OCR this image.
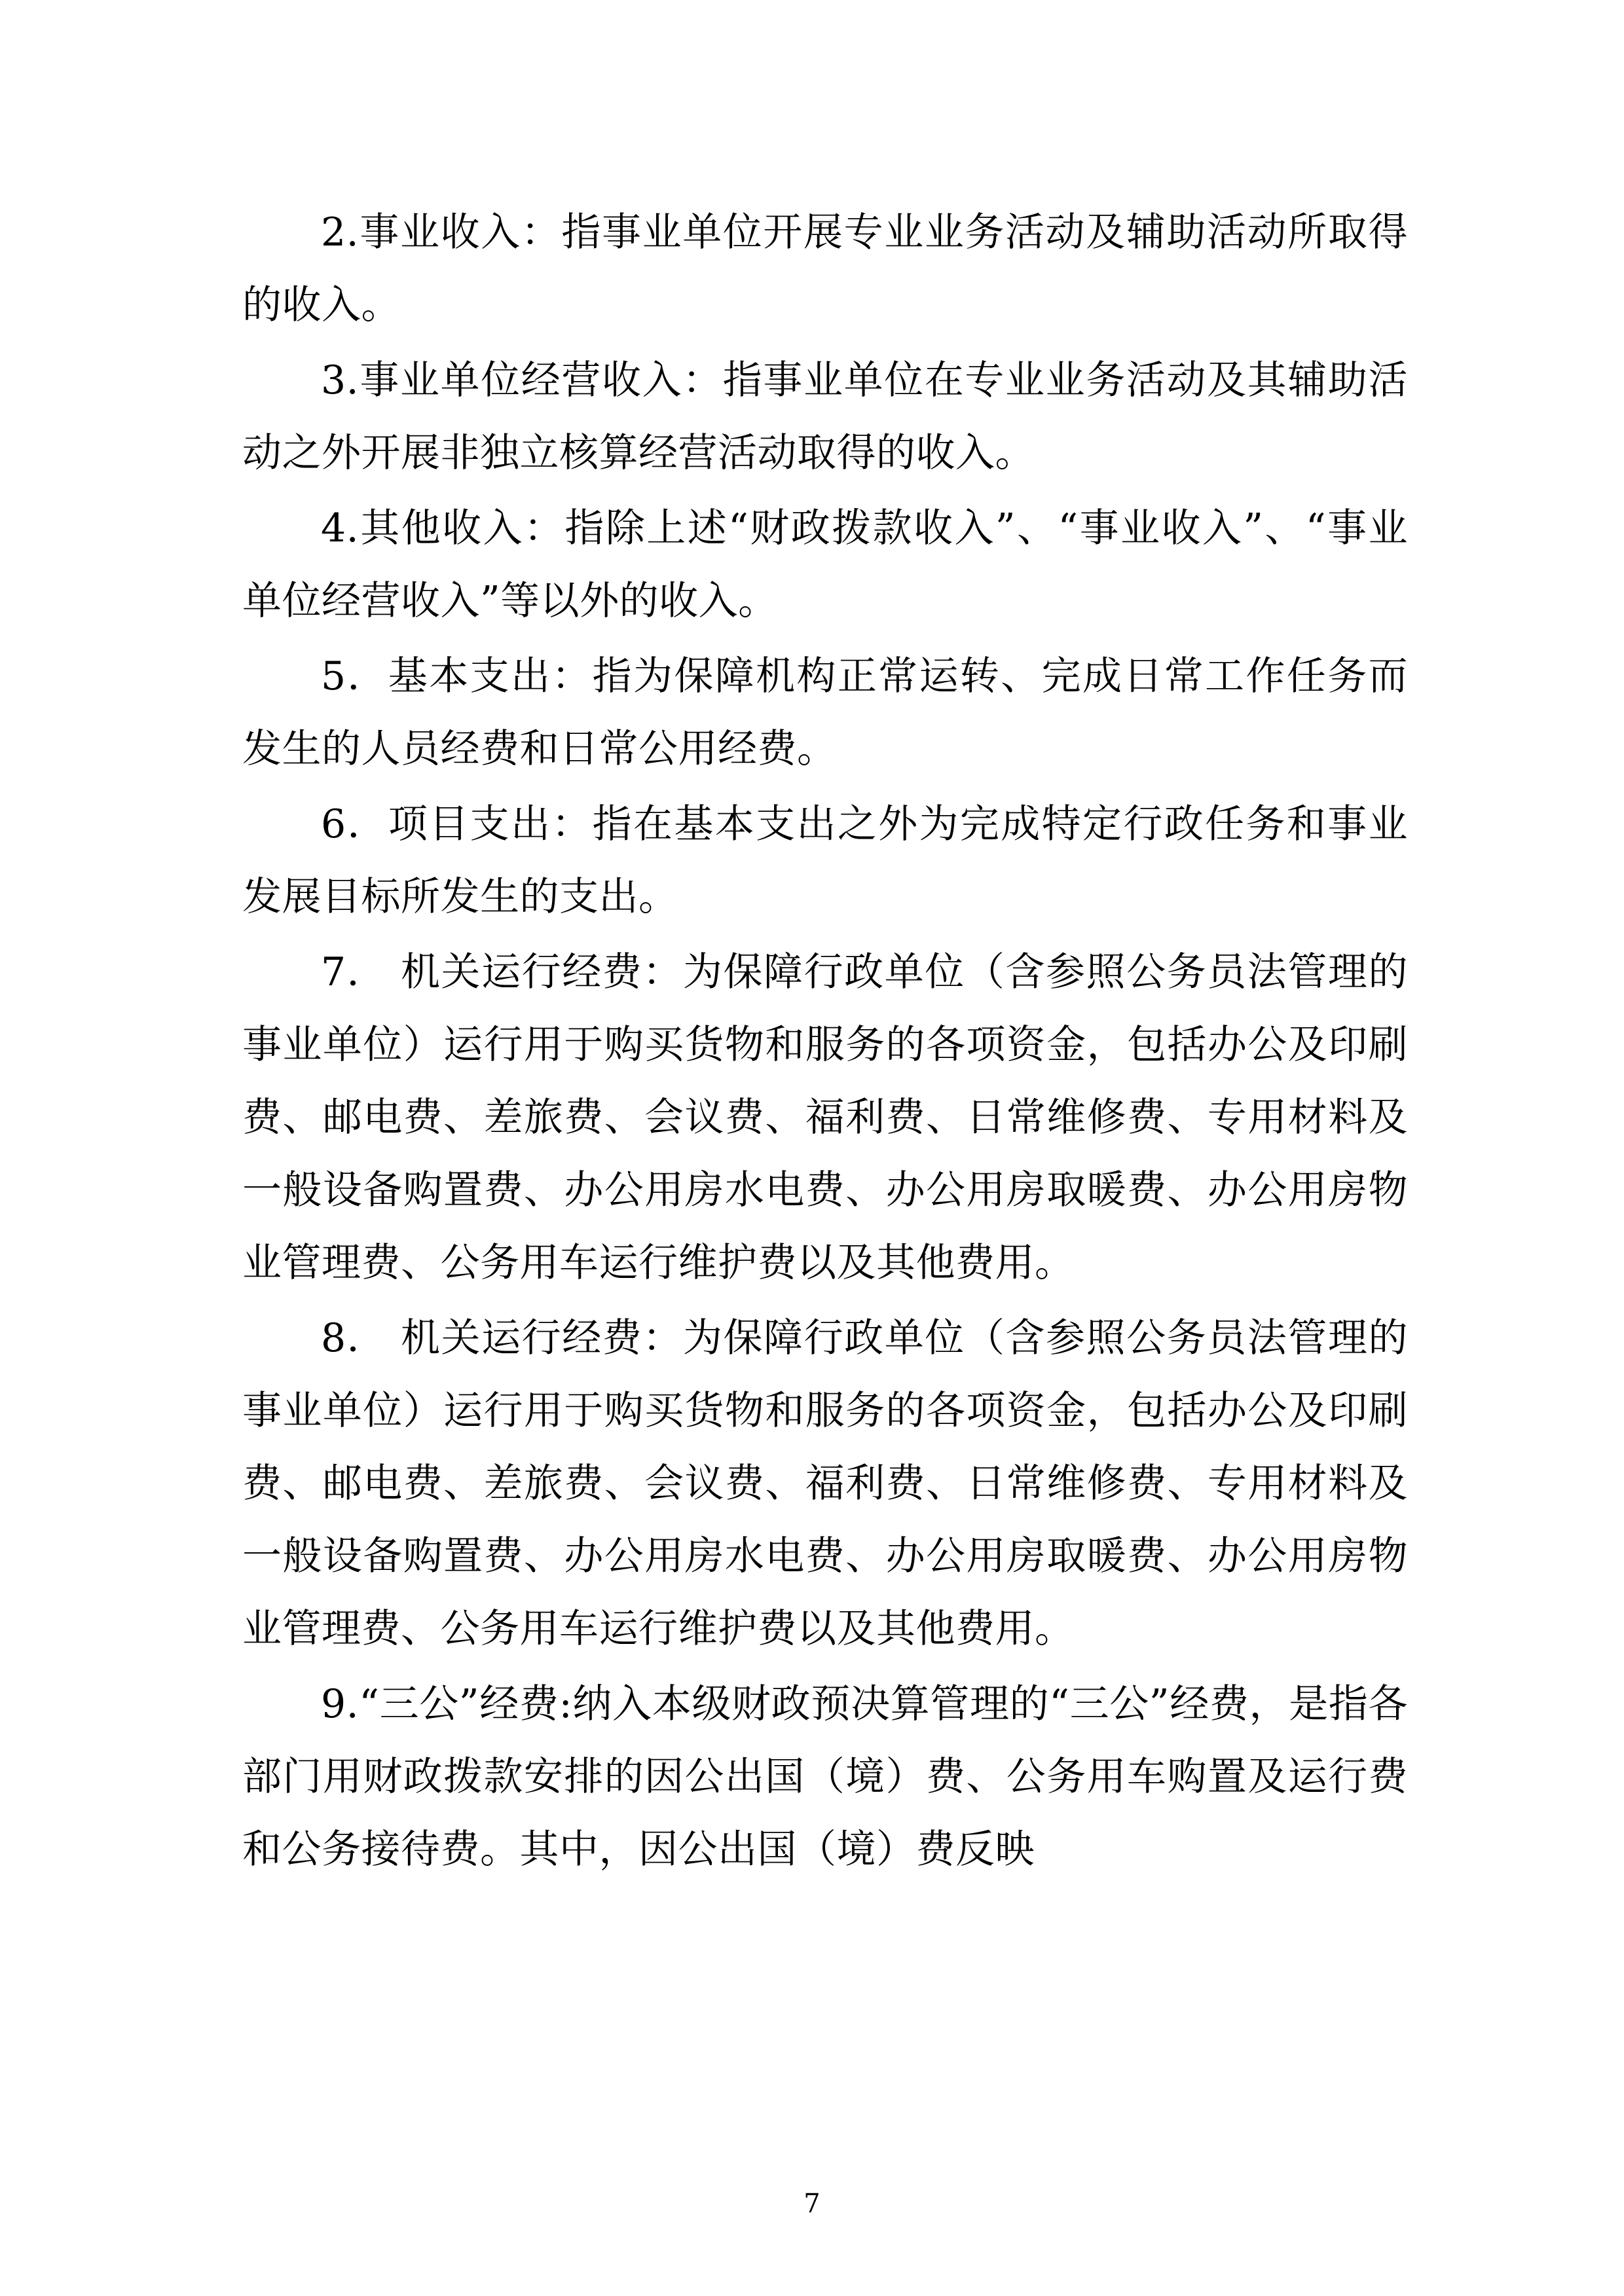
2.事业收入：指事业单位开展专业业务活动及辅助活动所取得的收入。

3.事业单位经营收入：指事业单位在专业业务活动及其辅助活动之外开展非独立核算经营活动取得的收入。

4.其他收入：指除上述“财政拨款收入”、“事业收入”、“事业单位经营收入”等以外的收入。

5．基本支出：指为保障机构正常运转、完成日常工作任务而发生的人员经费和日常公用经费。

6．项目支出：指在基本支出之外为完成特定行政任务和事业发展目标所发生的支出。

7． 机关运行经费：为保障行政单位（含参照公务员法管理的事业单位）运行用于购买货物和服务的各项资金，包括办公及印刷费、邮电费、差旅费、会议费、福利费、日常维修费、专用材料及一般设备购置费、办公用房水电费、办公用房取暖费、办公用房物业管理费、公务用车运行维护费以及其他费用。

8． 机关运行经费：为保障行政单位（含参照公务员法管理的事业单位）运行用于购买货物和服务的各项资金，包括办公及印刷费、邮电费、差旅费、会议费、福利费、日常维修费、专用材料及一般设备购置费、办公用房水电费、办公用房取暖费、办公用房物业管理费、公务用车运行维护费以及其他费用。

9.“三公”经费:纳入本级财政预决算管理的“三公”经费，是指各部门用财政拨款安排的因公出国（境）费、公务用车购置及运行费和公务接待费。其中，因公出国（境）费反映

7
